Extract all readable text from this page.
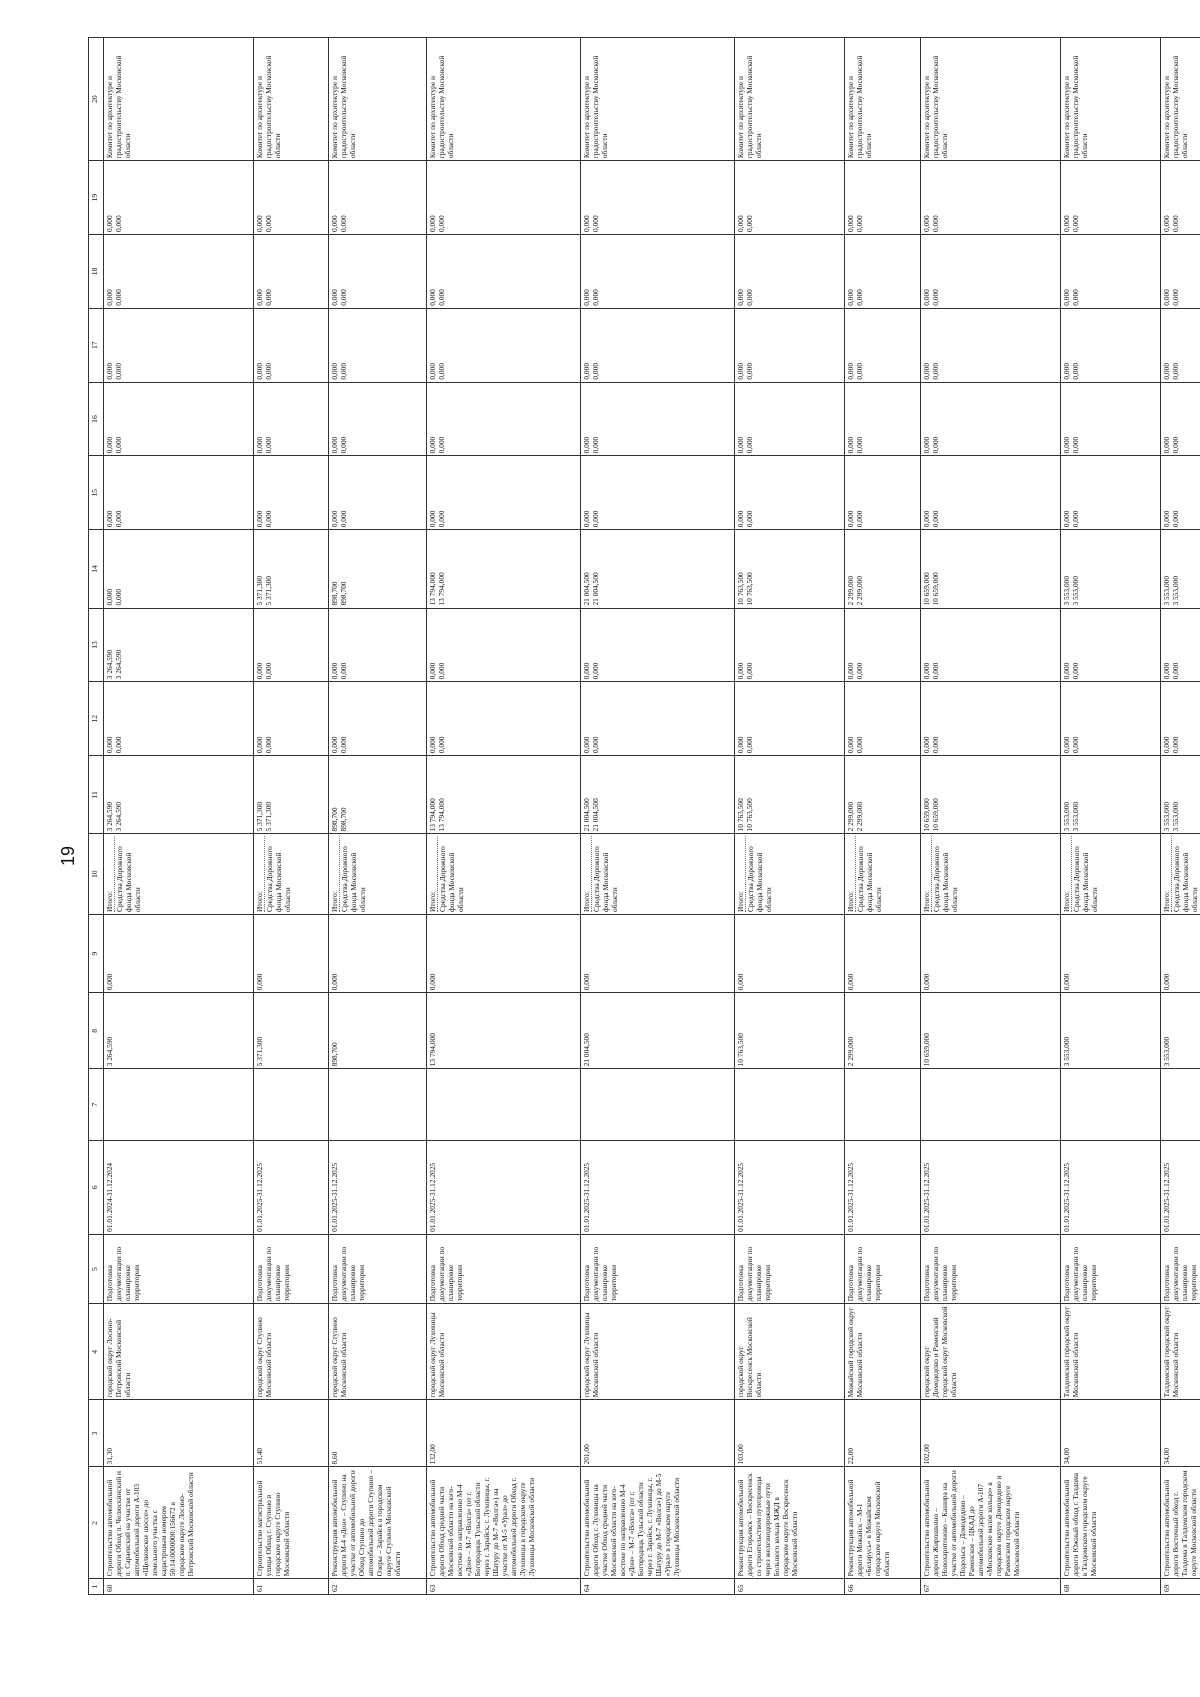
19
1	2	3	4	5	6	7	8	9	10	11	12	13	14	15	16	17	18	19	20
60	Строительство автомобильной дороги Обход п. Челюскинский и п. Сараевский на участке от автомобильной дороги А-103 «Щелковское шоссе» до земельного участка с кадастровым номером 50:14:0000000:156672 в городском округе Лосино-Петровский Московской области	31,30	городской округ Лосино-Петровский Московской области	Подготовка документации по планировке территории	01.01.2024-31.12.2024		3 264,590	0,000	Итого: Средства Дорожного фонда Московской области	3 264,590 3 264,590	0,000 0,000	3 264,590 3 264,590	0,000 0,000	0,000 0,000	0,000 0,000	0,000 0,000	0,000 0,000	0,000 0,000	Комитет по архитектуре и градостроительству Московской области
61	Строительство магистральной улицы Обход г. Ступино в городском округе Ступино Московской области	51,40	городской округ Ступино Московской области	Подготовка документации по планировке территории	01.01.2025-31.12.2025		5 371,300	0,000	Итого: Средства Дорожного фонда Московской области	5 371,300 5 371,300	0,000 0,000	0,000 0,000	5 371,300 5 371,300	0,000 0,000	0,000 0,000	0,000 0,000	0,000 0,000	0,000 0,000	Комитет по архитектуре и градостроительству Московской области
62	Реконструкция автомобильной дороги М-4 «Дон» – Ступино на участке от автомобильной дороги Обход Ступино до автомобильной дороги Ступино – Озеры – Зарайск в городском округе Ступино Московской области	8,60	городской округ Ступино Московской области	Подготовка документации по планировке территории	01.01.2025-31.12.2025		898,700	0,000	Итого: Средства Дорожного фонда Московской области	898,700 898,700	0,000 0,000	0,000 0,000	898,700 898,700	0,000 0,000	0,000 0,000	0,000 0,000	0,000 0,000	0,000 0,000	Комитет по архитектуре и градостроительству Московской области
63	Строительство автомобильной дороги Обход средней части Московской области на юго-востоке по направлению М-4 «Дон» – М-7 «Волга» (от г. Богородицк Тульской области через г. Зарайск, г. Луховицы, г. Шатуру до М-7 «Волга») на участке от М-5 «Урал» до автомобильной дороги Обход г. Луховицы в городском округе Луховицы Московской области	132,00	городской округ Луховицы Московской области	Подготовка документации по планировке территории	01.01.2025-31.12.2025		13 794,000	0,000	Итого: Средства Дорожного фонда Московской области	13 794,000 13 794,000	0,000 0,000	0,000 0,000	13 794,000 13 794,000	0,000 0,000	0,000 0,000	0,000 0,000	0,000 0,000	0,000 0,000	Комитет по архитектуре и градостроительству Московской области
64	Строительство автомобильной дороги Обход г. Луховицы на участке Обход средней части Московской области на юго-востоке по направлению М-4 «Дон» – М-7 «Волга» (от г. Богородицк Тульской области через г. Зарайск, г. Луховицы, г. Шатуру до М-7 «Волга») до М-5 «Урал» в городском округе Луховицы Московской области	201,00	городской округ Луховицы Московской области	Подготовка документации по планировке территории	01.01.2025-31.12.2025		21 004,500	0,000	Итого: Средства Дорожного фонда Московской области	21 004,500 21 004,500	0,000 0,000	0,000 0,000	21 004,500 21 004,500	0,000 0,000	0,000 0,000	0,000 0,000	0,000 0,000	0,000 0,000	Комитет по архитектуре и градостроительству Московской области
65	Реконструкция автомобильной дороги Егорьевск – Воскресенск со строительством путепровода через железнодорожные пути Большого кольца МЖД в городском округе Воскресенск Московской области	103,00	городской округ Воскресенск Московской области	Подготовка документации по планировке территории	01.01.2025-31.12.2025		10 763,500	0,000	Итого: Средства Дорожного фонда Московской области	10 763,500 10 763,500	0,000 0,000	0,000 0,000	10 763,500 10 763,500	0,000 0,000	0,000 0,000	0,000 0,000	0,000 0,000	0,000 0,000	Комитет по архитектуре и градостроительству Московской области
66	Реконструкция автомобильной дороги Можайск – М-1 «Беларусь» в Можайском городском округе Московской области	22,00	Можайский городской округ Московской области	Подготовка документации по планировке территории	01.01.2025-31.12.2025		2 299,000	0,000	Итого: Средства Дорожного фонда Московской области	2 299,000 2 299,000	0,000 0,000	0,000 0,000	2 299,000 2 299,000	0,000 0,000	0,000 0,000	0,000 0,000	0,000 0,000	0,000 0,000	Комитет по архитектуре и градостроительству Московской области
67	Строительство автомобильной дороги Жирошкино – Новохаритоново – Кашира на участке от автомобильной дороги Подольск – Домодедово – Раменское – ЦКАД до автомобильной дороги А-107 «Московское малое кольцо» в городском округе Домодедово и Раменском городском округе Московской области	102,00	городской округ Домодедово и Раменский городской округ Московской области	Подготовка документации по планировке территории	01.01.2025-31.12.2025		10 659,000	0,000	Итого: Средства Дорожного фонда Московской области	10 659,000 10 659,000	0,000 0,000	0,000 0,000	10 659,000 10 659,000	0,000 0,000	0,000 0,000	0,000 0,000	0,000 0,000	0,000 0,000	Комитет по архитектуре и градостроительству Московской области
68	Строительство автомобильной дороги Южный обход г. Талдома в Талдомском городском округе Московской области	34,00	Талдомский городской округ Московской области	Подготовка документации по планировке территории	01.01.2025-31.12.2025		3 553,000	0,000	Итого: Средства Дорожного фонда Московской области	3 553,000 3 553,000	0,000 0,000	0,000 0,000	3 553,000 3 553,000	0,000 0,000	0,000 0,000	0,000 0,000	0,000 0,000	0,000 0,000	Комитет по архитектуре и градостроительству Московской области
69	Строительство автомобильной дороги Восточный обход г. Талдома в Талдомском городском округе Московской области	34,00	Талдомский городской округ Московской области	Подготовка документации по планировке территории	01.01.2025-31.12.2025		3 553,000	0,000	Итого: Средства Дорожного фонда Московской области	3 553,000 3 553,000	0,000 0,000	0,000 0,000	3 553,000 3 553,000	0,000 0,000	0,000 0,000	0,000 0,000	0,000 0,000	0,000 0,000	Комитет по архитектуре и градостроительству Московской области
